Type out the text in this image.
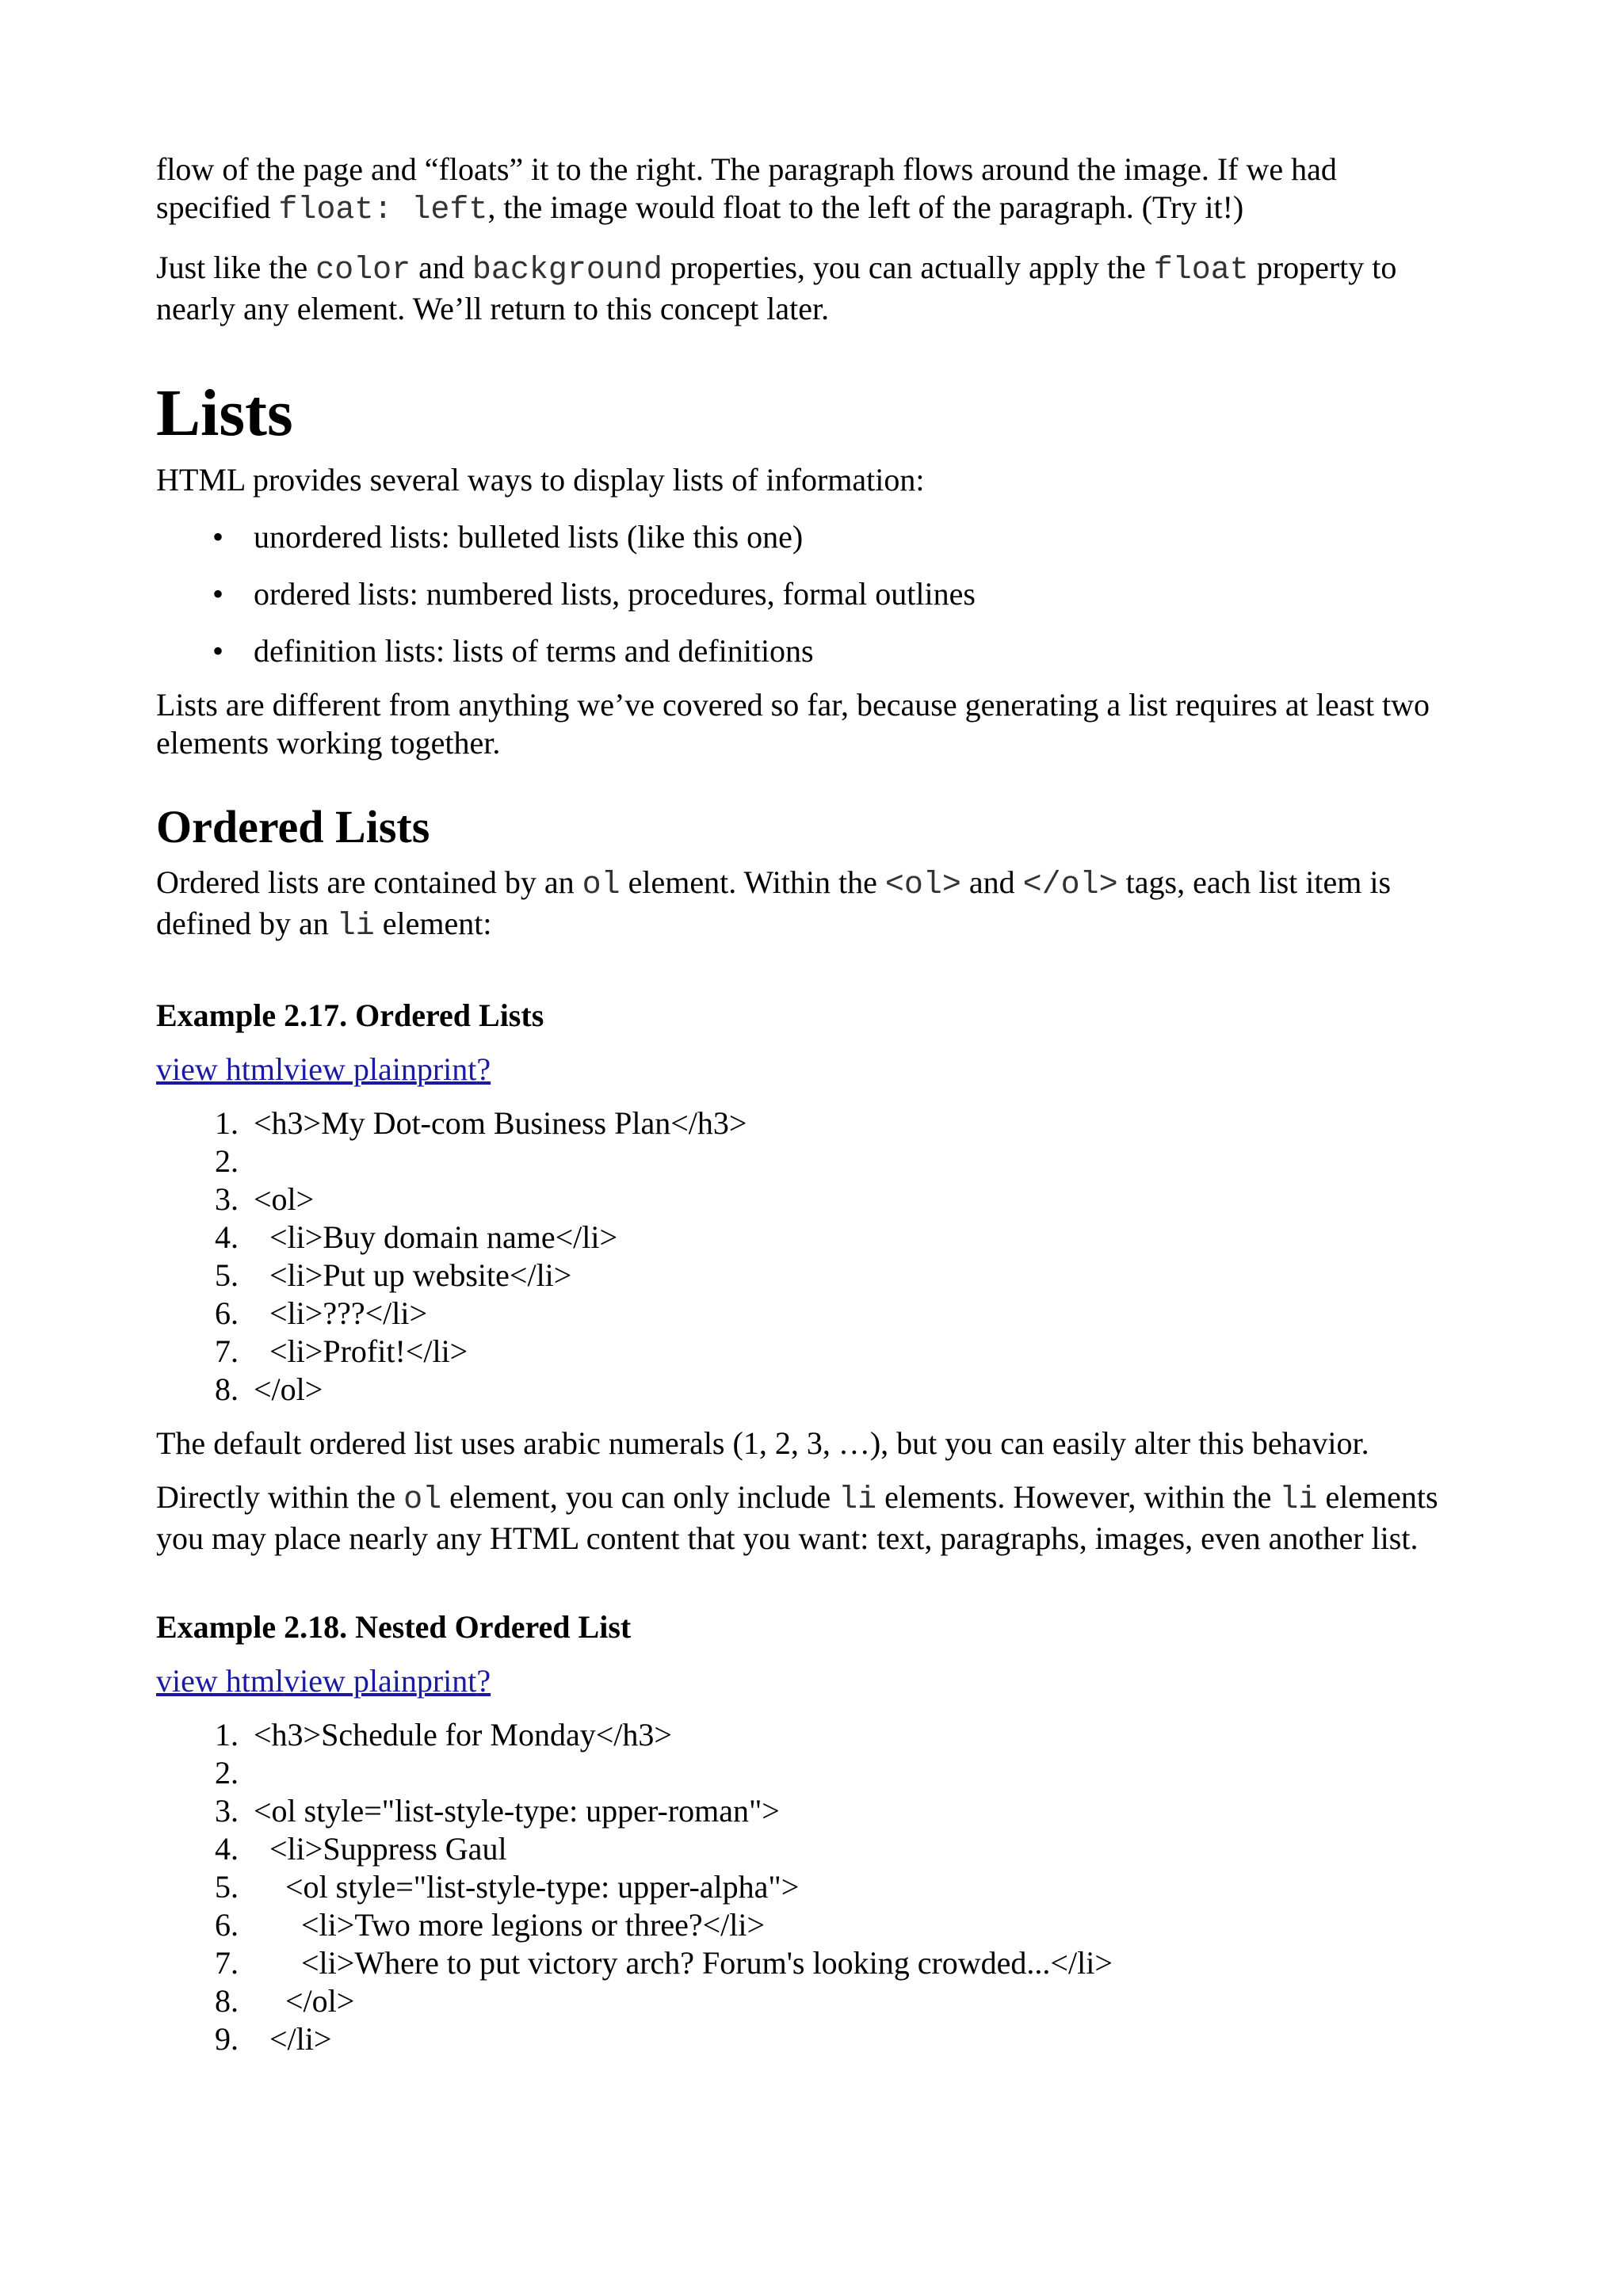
flow of the page and “floats” it to the right. The paragraph flows around the image. If we had specified float: left, the image would float to the left of the paragraph. (Try it!)

Just like the color and background properties, you can actually apply the float property to nearly any element. We’ll return to this concept later.

Lists

HTML provides several ways to display lists of information:

• unordered lists: bulleted lists (like this one)
• ordered lists: numbered lists, procedures, formal outlines
• definition lists: lists of terms and definitions

Lists are different from anything we’ve covered so far, because generating a list requires at least two elements working together.

Ordered Lists

Ordered lists are contained by an ol element. Within the <ol> and </ol> tags, each list item is defined by an li element:

Example 2.17. Ordered Lists

view htmlview plainprint?

1. <h3>My Dot-com Business Plan</h3>
2.
3. <ol>
4. <li>Buy domain name</li>
5. <li>Put up website</li>
6. <li>???</li>
7. <li>Profit!</li>
8. </ol>

The default ordered list uses arabic numerals (1, 2, 3, …), but you can easily alter this behavior.

Directly within the ol element, you can only include li elements. However, within the li elements you may place nearly any HTML content that you want: text, paragraphs, images, even another list.

Example 2.18. Nested Ordered List

view htmlview plainprint?

1. <h3>Schedule for Monday</h3>
2.
3. <ol style="list-style-type: upper-roman">
4. <li>Suppress Gaul
5. <ol style="list-style-type: upper-alpha">
6. <li>Two more legions or three?</li>
7. <li>Where to put victory arch? Forum's looking crowded...</li>
8. </ol>
9. </li>
